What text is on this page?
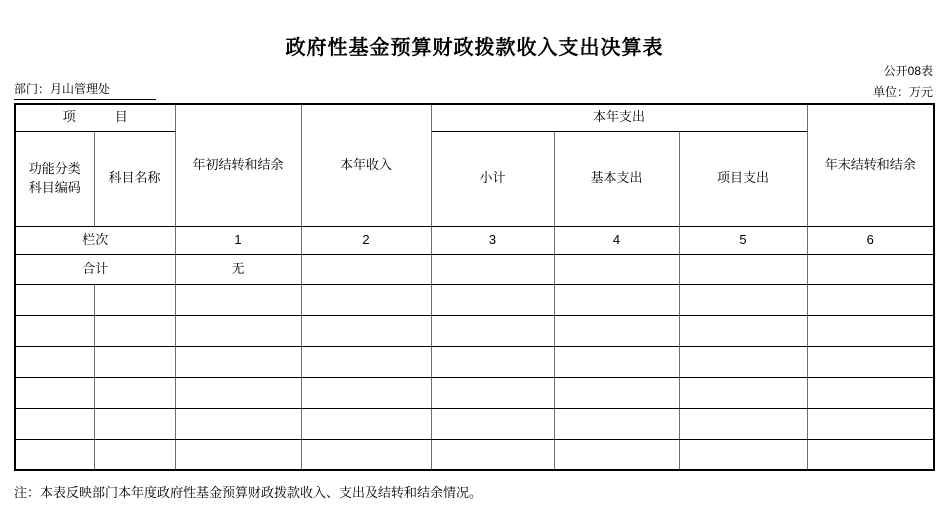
政府性基金预算财政拨款收入支出决算表
公开08表
部门：月山管理处	单位：万元
项　　　目		年初结转和结余	本年收入	本年支出			年末结转和结余
功能分类科目编码	科目名称			小计	基本支出	项目支出	
栏次		1	2	3	4	5	6
合计		无					

注：本表反映部门本年度政府性基金预算财政拨款收入、支出及结转和结余情况。
